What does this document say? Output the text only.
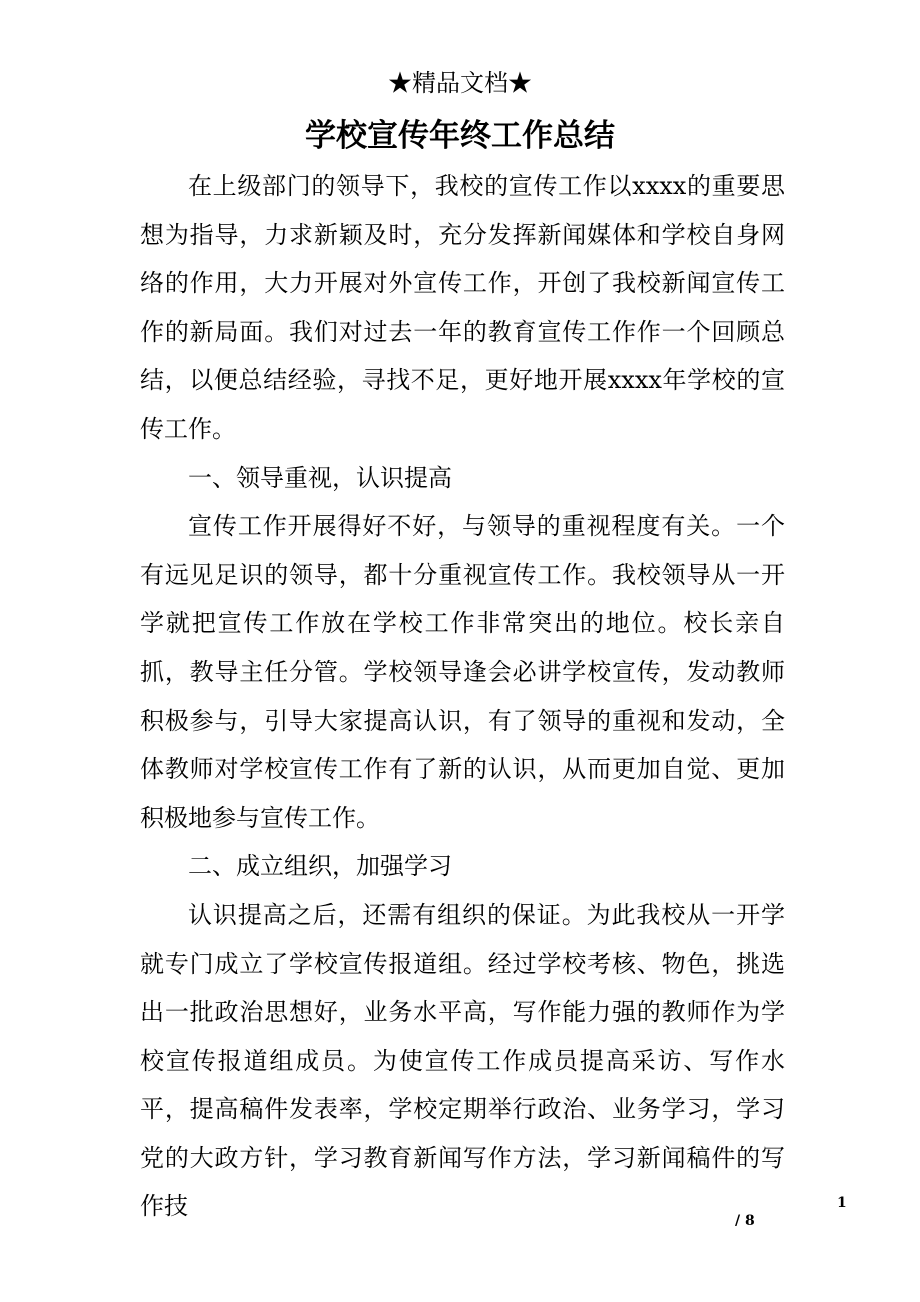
★精品文档★
学校宣传年终工作总结

在上级部门的领导下，我校的宣传工作以xxxx的重要思想为指导，力求新颖及时，充分发挥新闻媒体和学校自身网络的作用，大力开展对外宣传工作，开创了我校新闻宣传工作的新局面。我们对过去一年的教育宣传工作作一个回顾总结，以便总结经验，寻找不足，更好地开展xxxx年学校的宣传工作。

一、领导重视，认识提高

宣传工作开展得好不好，与领导的重视程度有关。一个有远见足识的领导，都十分重视宣传工作。我校领导从一开学就把宣传工作放在学校工作非常突出的地位。校长亲自抓，教导主任分管。学校领导逢会必讲学校宣传，发动教师积极参与，引导大家提高认识，有了领导的重视和发动，全体教师对学校宣传工作有了新的认识，从而更加自觉、更加积极地参与宣传工作。

二、成立组织，加强学习

认识提高之后，还需有组织的保证。为此我校从一开学就专门成立了学校宣传报道组。经过学校考核、物色，挑选出一批政治思想好，业务水平高，写作能力强的教师作为学校宣传报道组成员。为使宣传工作成员提高采访、写作水平，提高稿件发表率，学校定期举行政治、业务学习，学习党的大政方针，学习教育新闻写作方法，学习新闻稿件的写作技	1
/ 8
